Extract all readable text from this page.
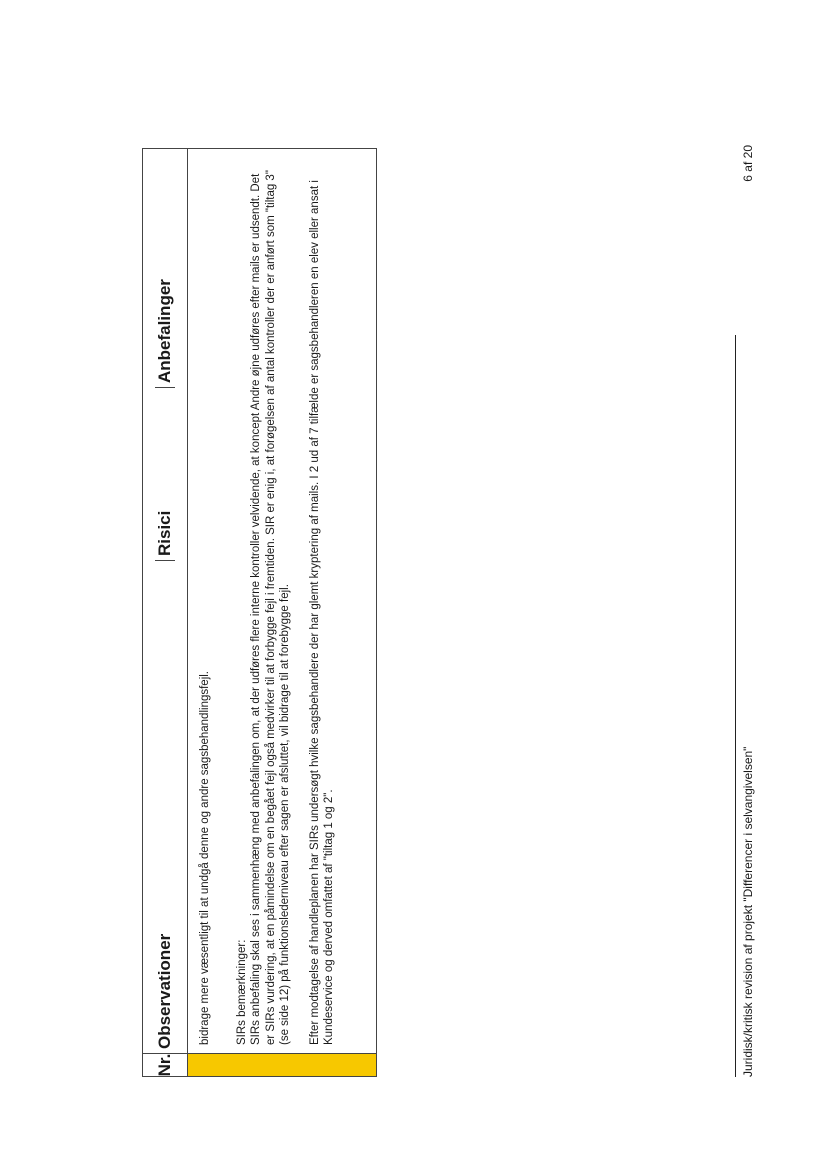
Nr.
Observationer
Risici
Anbefalinger

bidrage mere væsentligt til at undgå denne og andre sagsbehandlingsfejl. SIRs bemærkninger: SIRs anbefaling skal ses i sammenhæng med anbefalingen om, at der udføres flere interne kontroller velvidende, at koncept Andre øjne udføres efter mails er udsendt. Det er SIRs vurdering, at en påmindelse om en begået fejl også medvirker til at forbygge fejl i fremtiden. SIR er enig i, at forøgelsen af antal kontroller der er anført som "tiltag 3" (se side 12) på funktionslederniveau efter sagen er afsluttet, vil bidrage til at forebygge fejl. Efter modtagelse af handleplanen har SIRs undersøgt hvilke sagsbehandlere der har glemt kryptering af mails. I 2 ud af 7 tilfælde er sagsbehandleren en elev eller ansat i Kundeservice og derved omfattet af "tiltag 1 og 2".	Juridisk/kritisk revision af projekt "Differencer i selvangivelsen"
6 af 20
